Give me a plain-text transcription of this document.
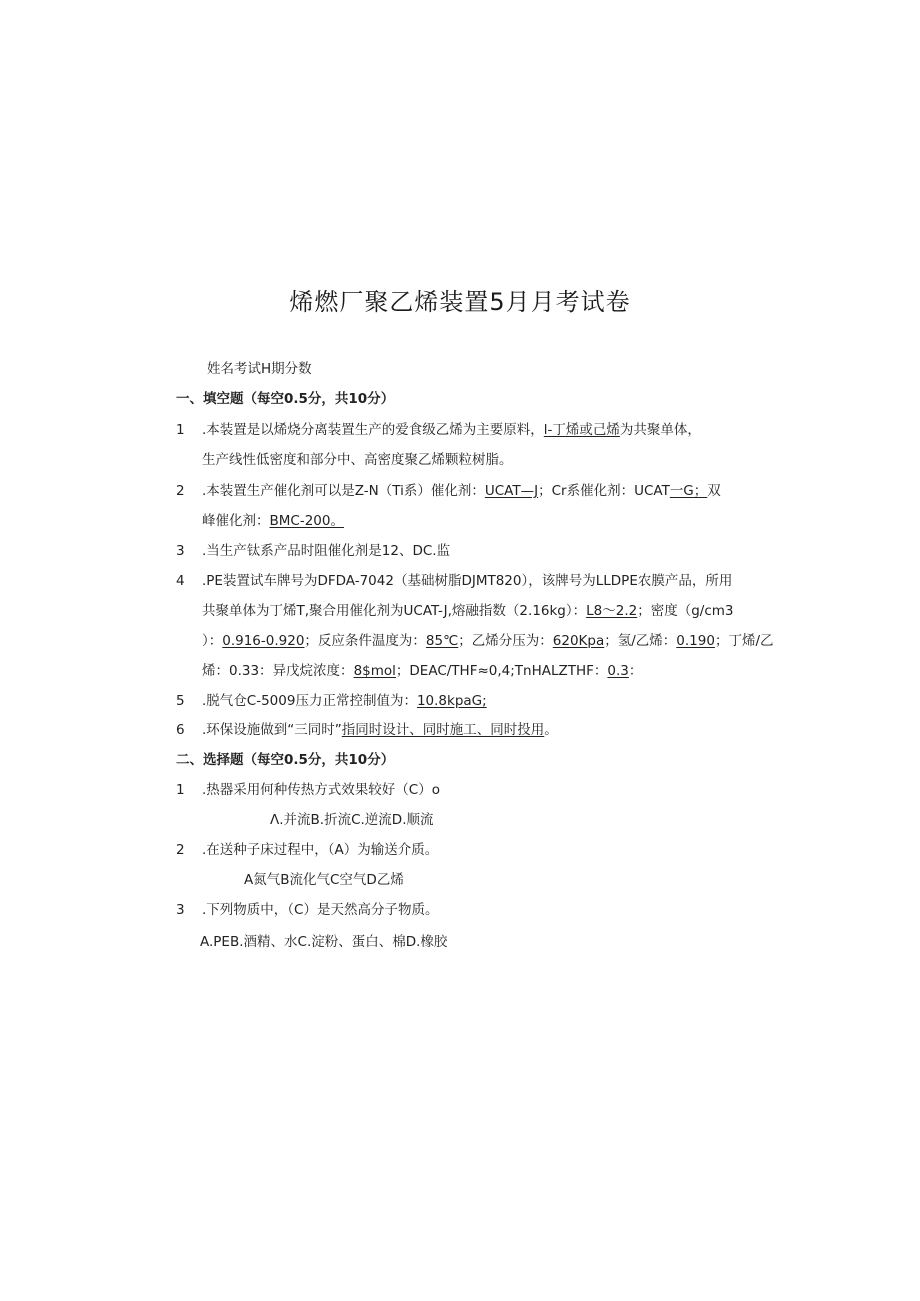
烯燃厂聚乙烯装置5月月考试卷
姓名考试H期分数
一、填空题（每空0.5分，共10分）
1 .本装置是以烯烧分离装置生产的爱食级乙烯为主要原料，l-丁烯或己烯为共聚单体，
生产线性低密度和部分中、高密度聚乙烯颗粒树脂。
2 .本装置生产催化剂可以是Z-N（Ti系）催化剂：UCAT—J；Cr系催化剂：UCAT一G；双
峰催化剂：BMC-200。
3 .当生产钛系产品时阻催化剂是12、DC.监
4 .PE装置试车牌号为DFDA-7042（基础树脂DJMT820），该牌号为LLDPE农膜产品，所用
共聚单体为丁烯T,聚合用催化剂为UCAT-J,熔融指数（2.16kg）：L8〜2.2；密度（g/cm3
）：0.916-0.920；反应条件温度为：85℃；乙烯分压为：620Kpa；氢/乙烯：0.190；丁烯/乙
烯：0.33：异戊烷浓度：8$mol；DEAC/THF≈0,4;TnHALZTHF：0.3：
5 .脱气仓C-5009压力正常控制值为：10.8kpaG;
6 .环保设施做到“三同时”指同时设计、同时施工、同时投用。
二、选择题（每空0.5分，共10分）
1 .热器采用何种传热方式效果较好（C）o
Λ.并流B.折流C.逆流D.顺流
2 .在送种子床过程中，（A）为输送介质。
A氮气B流化气C空气D乙烯
3 .下列物质中，（C）是天然高分子物质。
A.PEB.酒精、水C.淀粉、蛋白、棉D.橡胶
